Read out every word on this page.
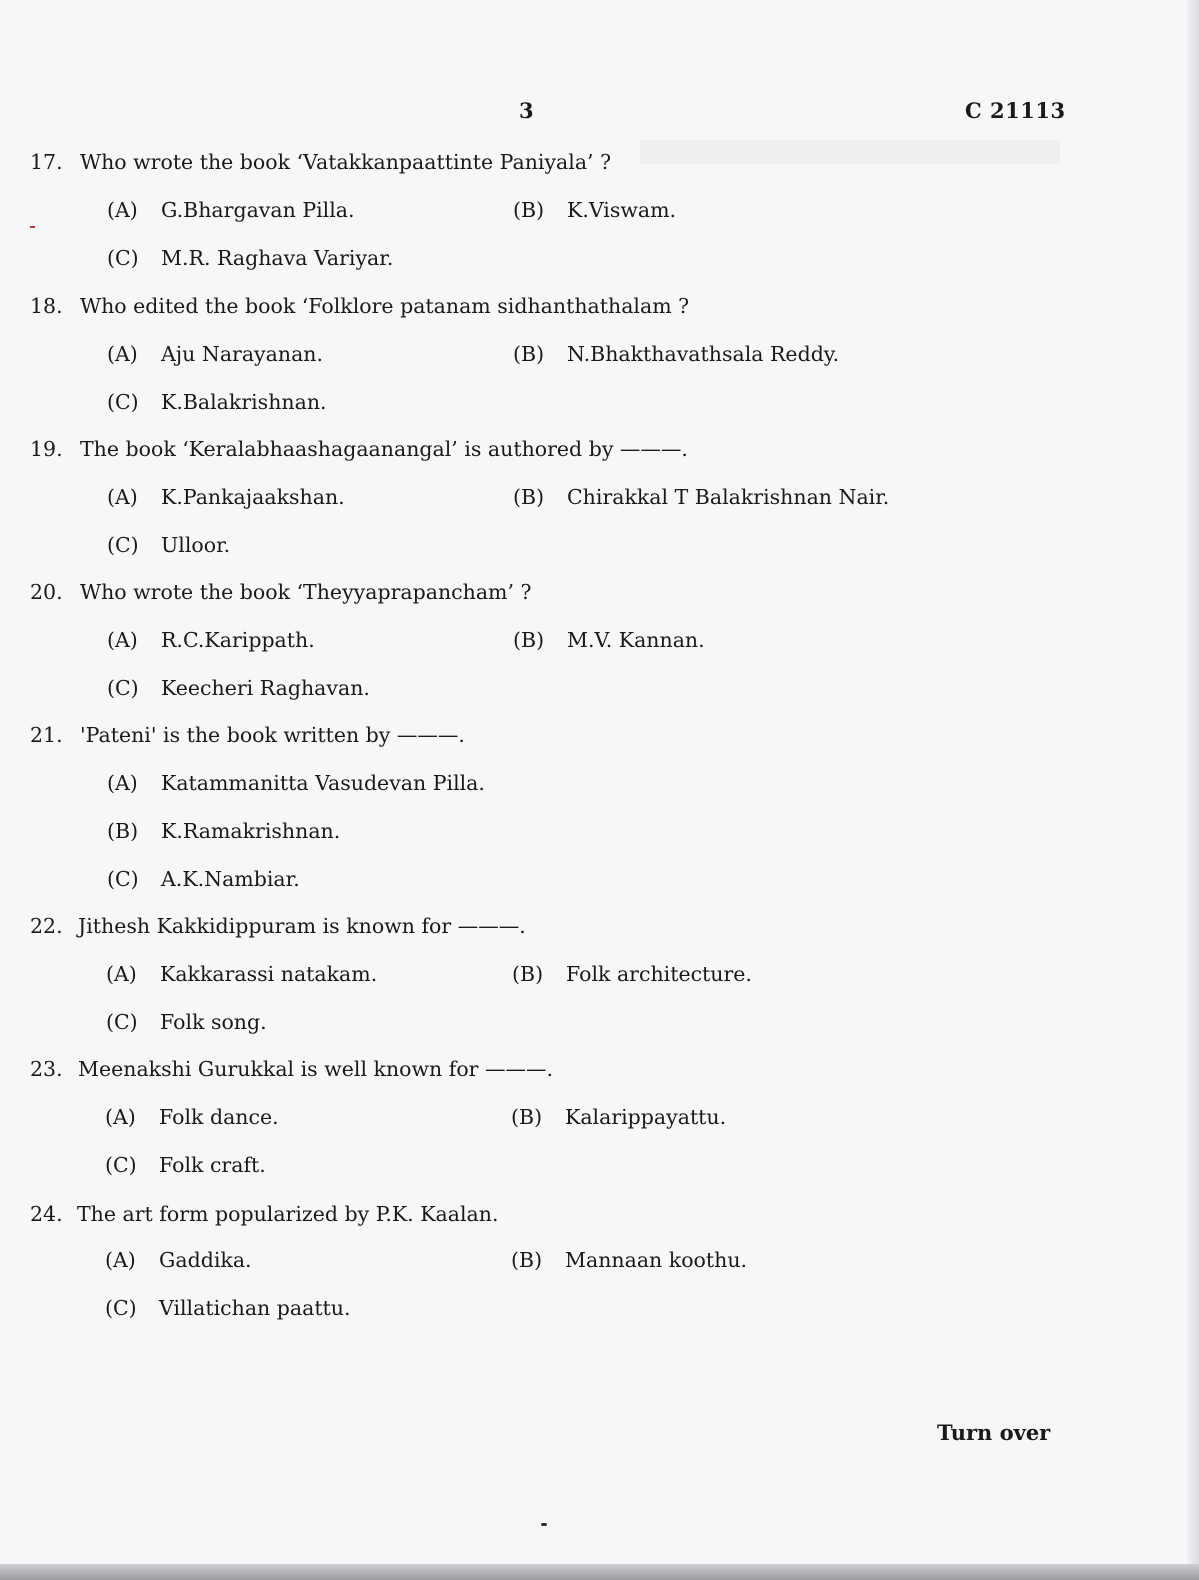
3	C 21113
17. Who wrote the book ‘Vatakkanpaattinte Paniyala’ ?
(A) G.Bhargavan Pilla.	(B) K.Viswam.
(C) M.R. Raghava Variyar.
18. Who edited the book ‘Folklore patanam sidhanthathalam ?
(A) Aju Narayanan.	(B) N.Bhakthavathsala Reddy.
(C) K.Balakrishnan.
19. The book ‘Keralabhaashagaanangal’ is authored by ———.
(A) K.Pankajaakshan.	(B) Chirakkal T Balakrishnan Nair.
(C) Ulloor.
20. Who wrote the book ‘Theyyaprapancham’ ?
(A) R.C.Karippath.	(B) M.V. Kannan.
(C) Keecheri Raghavan.
21. 'Pateni' is the book written by ———.
(A) Katammanitta Vasudevan Pilla.
(B) K.Ramakrishnan.
(C) A.K.Nambiar.
22. Jithesh Kakkidippuram is known for ———.
(A) Kakkarassi natakam.	(B) Folk architecture.
(C) Folk song.
23. Meenakshi Gurukkal is well known for ———.
(A) Folk dance.	(B) Kalarippayattu.
(C) Folk craft.
24. The art form popularized by P.K. Kaalan.
(A) Gaddika.	(B) Mannaan koothu.
(C) Villatichan paattu.
Turn over
